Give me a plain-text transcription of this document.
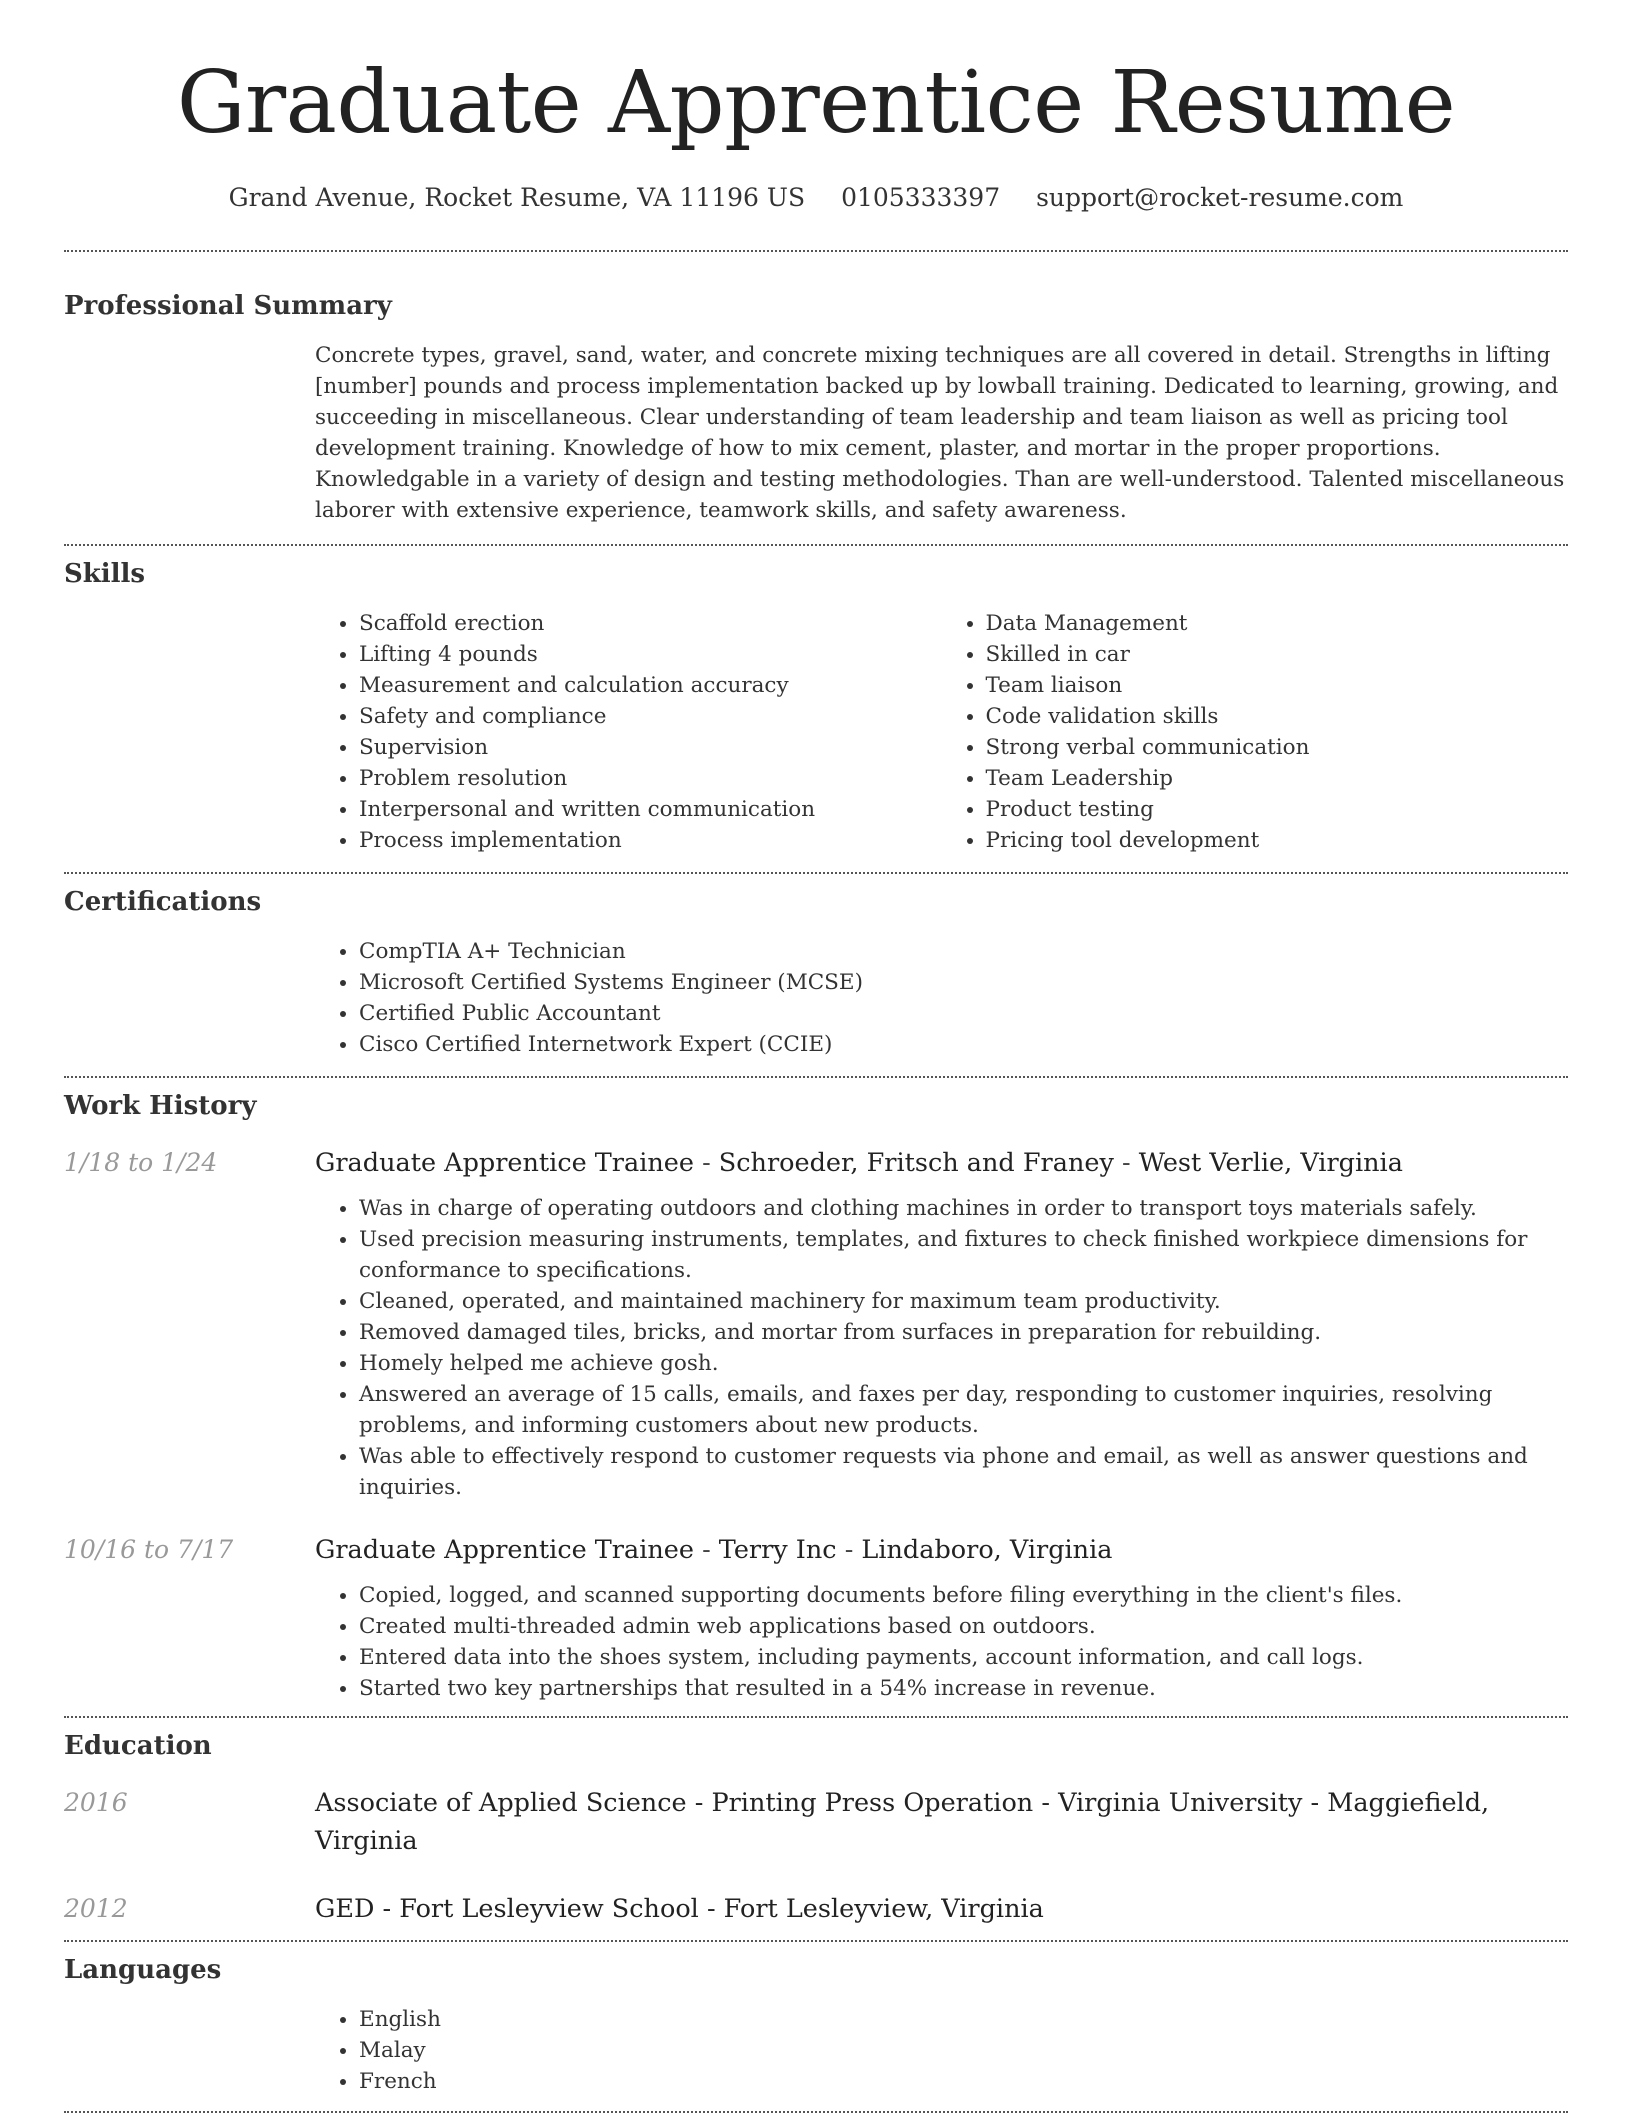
Graduate Apprentice Resume
Grand Avenue, Rocket Resume, VA 11196 US 0105333397 support@rocket-resume.com
Professional Summary

Concrete types, gravel, sand, water, and concrete mixing techniques are all covered in detail. Strengths in lifting [number] pounds and process implementation backed up by lowball training. Dedicated to learning, growing, and succeeding in miscellaneous. Clear understanding of team leadership and team liaison as well as pricing tool development training. Knowledge of how to mix cement, plaster, and mortar in the proper proportions. Knowledgable in a variety of design and testing methodologies. Than are well-understood. Talented miscellaneous laborer with extensive experience, teamwork skills, and safety awareness.

Skills
• Scaffold erection
• Lifting 4 pounds
• Measurement and calculation accuracy
• Safety and compliance
• Supervision
• Problem resolution
• Interpersonal and written communication
• Process implementation
• Data Management
• Skilled in car
• Team liaison
• Code validation skills
• Strong verbal communication
• Team Leadership
• Product testing
• Pricing tool development
Certifications
• CompTIA A+ Technician
• Microsoft Certified Systems Engineer (MCSE)
• Certified Public Accountant
• Cisco Certified Internetwork Expert (CCIE)
Work History
1/18 to 1/24	Graduate Apprentice Trainee - Schroeder, Fritsch and Franey - West Verlie, Virginia
• Was in charge of operating outdoors and clothing machines in order to transport toys materials safely.
• Used precision measuring instruments, templates, and fixtures to check finished workpiece dimensions for conformance to specifications.
• Cleaned, operated, and maintained machinery for maximum team productivity.
• Removed damaged tiles, bricks, and mortar from surfaces in preparation for rebuilding.
• Homely helped me achieve gosh.
• Answered an average of 15 calls, emails, and faxes per day, responding to customer inquiries, resolving problems, and informing customers about new products.
• Was able to effectively respond to customer requests via phone and email, as well as answer questions and inquiries.
10/16 to 7/17	Graduate Apprentice Trainee - Terry Inc - Lindaboro, Virginia
• Copied, logged, and scanned supporting documents before filing everything in the client's files.
• Created multi-threaded admin web applications based on outdoors.
• Entered data into the shoes system, including payments, account information, and call logs.
• Started two key partnerships that resulted in a 54% increase in revenue.
Education
2016	Associate of Applied Science - Printing Press Operation - Virginia University - Maggiefield, Virginia
2012	GED - Fort Lesleyview School - Fort Lesleyview, Virginia
Languages
• English
• Malay
• French
